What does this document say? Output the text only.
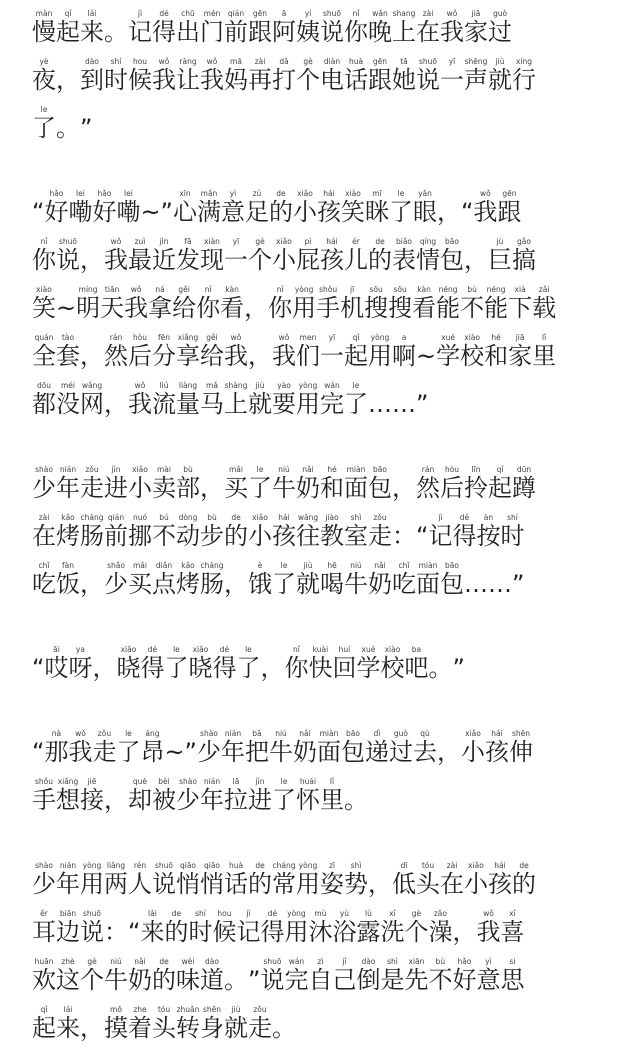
慢màn起qǐ来lái。记jì得dé出chū门mén前qián跟gēn阿ā姨yí说shuō你nǐ晚wǎn上shang在zài我wǒ家jiā过guò
夜yè，到dào时shí候hou我wǒ让ràng我wǒ妈mā再zài打dǎ个gè电diàn话huà跟gēn她tā说shuō一yī声shēng就jiù行xíng
了le。”
“好hǎo嘞lei好hǎo嘞lei~”心xīn满mǎn意yì足zú的de小xiǎo孩hái笑xiào眯mī了le眼yǎn，“我wǒ跟gēn
你nǐ说shuō，我wǒ最zuì近jìn发fā现xiàn一yī个gè小xiǎo屁pì孩hái儿ér的de表biǎo情qíng包bāo，巨jù搞gǎo
笑xiào~明míng天tiān我wǒ拿ná给gěi你nǐ看kàn，你nǐ用yòng手shǒu机jī搜sōu搜sōu看kàn能néng不bù能néng下xià载zǎi
全quán套tào，然rán后hòu分fēn享xiǎng给gěi我wǒ，我wǒ们men一yī起qǐ用yòng啊a~学xué校xiào和hé家jiā里lǐ
都dōu没méi网wǎng，我wǒ流liú量liàng马mǎ上shàng就jiù要yào用yòng完wán了le……”
少shào年nián走zǒu进jìn小xiǎo卖mài部bù，买mǎi了le牛niú奶nǎi和hé面miàn包bāo，然rán后hòu拎līn起qǐ蹲dūn
在zài烤kǎo肠cháng前qián挪nuó不bú动dòng步bù的de小xiǎo孩hái往wǎng教jiào室shì走zǒu：“记jì得dé按àn时shí
吃chī饭fàn，少shǎo买mǎi点diǎn烤kǎo肠cháng，饿è了le就jiù喝hē牛niú奶nǎi吃chī面miàn包bāo……”
“哎āi呀ya，晓xiǎo得dé了le晓xiǎo得dé了le，你nǐ快kuài回huí学xué校xiào吧ba。”
“那nà我wǒ走zǒu了le昂áng~”少shào年nián把bǎ牛niú奶nǎi面miàn包bāo递dì过guò去qù，小xiǎo孩hái伸shēn
手shǒu想xiǎng接jiē，却què被bèi少shào年nián拉lā进jìn了le怀huái里lǐ。
少shào年nián用yòng两liǎng人rén说shuō悄qiāo悄qiāo话huà的de常cháng用yòng姿zī势shì，低dī头tóu在zài小xiǎo孩hái的de
耳ěr边biān说shuō：“来lái的de时shí候hou记jì得dé用yòng沐mù浴yù露lù洗xǐ个gè澡zǎo，我wǒ喜xǐ
欢huān这zhè个gè牛niú奶nǎi的de味wèi道dào。”说shuō完wán自zì己jǐ倒dào是shì先xiān不bù好hǎo意yì思si
起qǐ来lái，摸mō着zhe头tóu转zhuǎn身shēn就jiù走zǒu。
